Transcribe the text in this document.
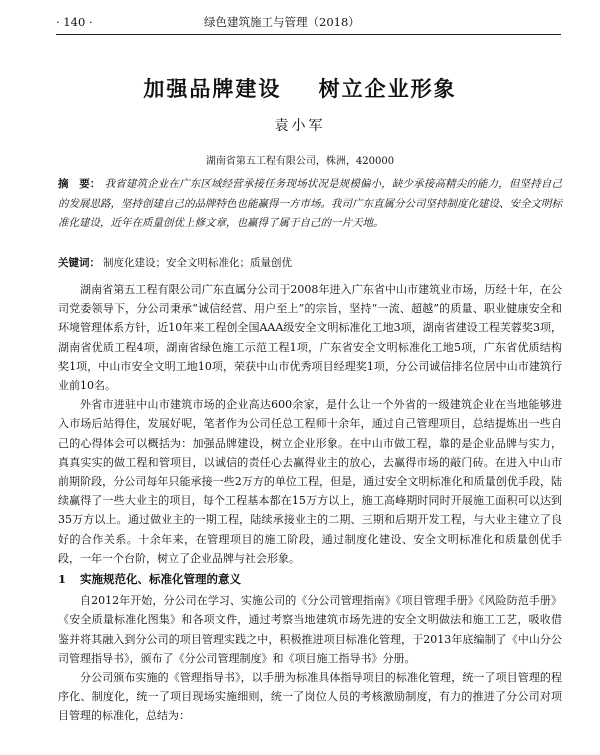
· 140 ·	绿色建筑施工与管理（2018）
加强品牌建设    树立企业形象
袁小军
湖南省第五工程有限公司，株洲，420000
摘　要： 我省建筑企业在广东区域经营承接任务现场状况是规模偏小，缺少承接高精尖的能力，但坚持自己的发展思路，坚持创建自己的品牌特色也能赢得一方市场。我司广东直属分公司坚持制度化建设、安全文明标准化建设，近年在质量创优上修文章，也赢得了属于自己的一片天地。
关键词： 制度化建设；安全文明标准化；质量创优

湖南省第五工程有限公司广东直属分公司于2008年进入广东省中山市建筑业市场，历经十年，在公司党委领导下，分公司秉承“诚信经营、用户至上”的宗旨，坚持“一流、超越”的质量、职业健康安全和环境管理体系方针，近10年来工程创全国AAA级安全文明标准化工地3项，湖南省建设工程芙蓉奖3项，湖南省优质工程4项，湖南省绿色施工示范工程1项，广东省安全文明标准化工地5项，广东省优质结构奖1项，中山市安全文明工地10项，荣获中山市优秀项目经理奖1项，分公司诚信排名位居中山市建筑行业前10名。

外省市进驻中山市建筑市场的企业高达600余家，是什么让一个外省的一级建筑企业在当地能够进入市场后站得住，发展好呢，笔者作为公司任总工程师十余年，通过自己管理项目，总结提炼出一些自己的心得体会可以概括为：加强品牌建设，树立企业形象。在中山市做工程，靠的是企业品牌与实力，真真实实的做工程和管项目，以诚信的责任心去赢得业主的放心，去赢得市场的敲门砖。在进入中山市前期阶段，分公司每年只能承接一些2万方的单位工程，但是，通过安全文明标准化和质量创优手段，陆续赢得了一些大业主的项目，每个工程基本都在15万方以上，施工高峰期时同时开展施工面积可以达到35万方以上。通过做业主的一期工程，陆续承接业主的二期、三期和后期开发工程，与大业主建立了良好的合作关系。十余年来，在管理项目的施工阶段，通过制度化建设、安全文明标准化和质量创优手段，一年一个台阶，树立了企业品牌与社会形象。

1 实施规范化、标准化管理的意义

自2012年开始，分公司在学习、实施公司的《分公司管理指南》《项目管理手册》《风险防范手册》《安全质量标准化图集》和各项文件，通过考察当地建筑市场先进的安全文明做法和施工工艺，吸收借鉴并将其融入到分公司的项目管理实践之中，积极推进项目标准化管理，于2013年底编制了《中山分公司管理指导书》，颁布了《分公司管理制度》和《项目施工指导书》分册。

分公司颁布实施的《管理指导书》，以手册为标准具体指导项目的标准化管理，统一了项目管理的程序化、制度化，统一了项目现场实施细则，统一了岗位人员的考核激励制度，有力的推进了分公司对项目管理的标准化，总结为：
